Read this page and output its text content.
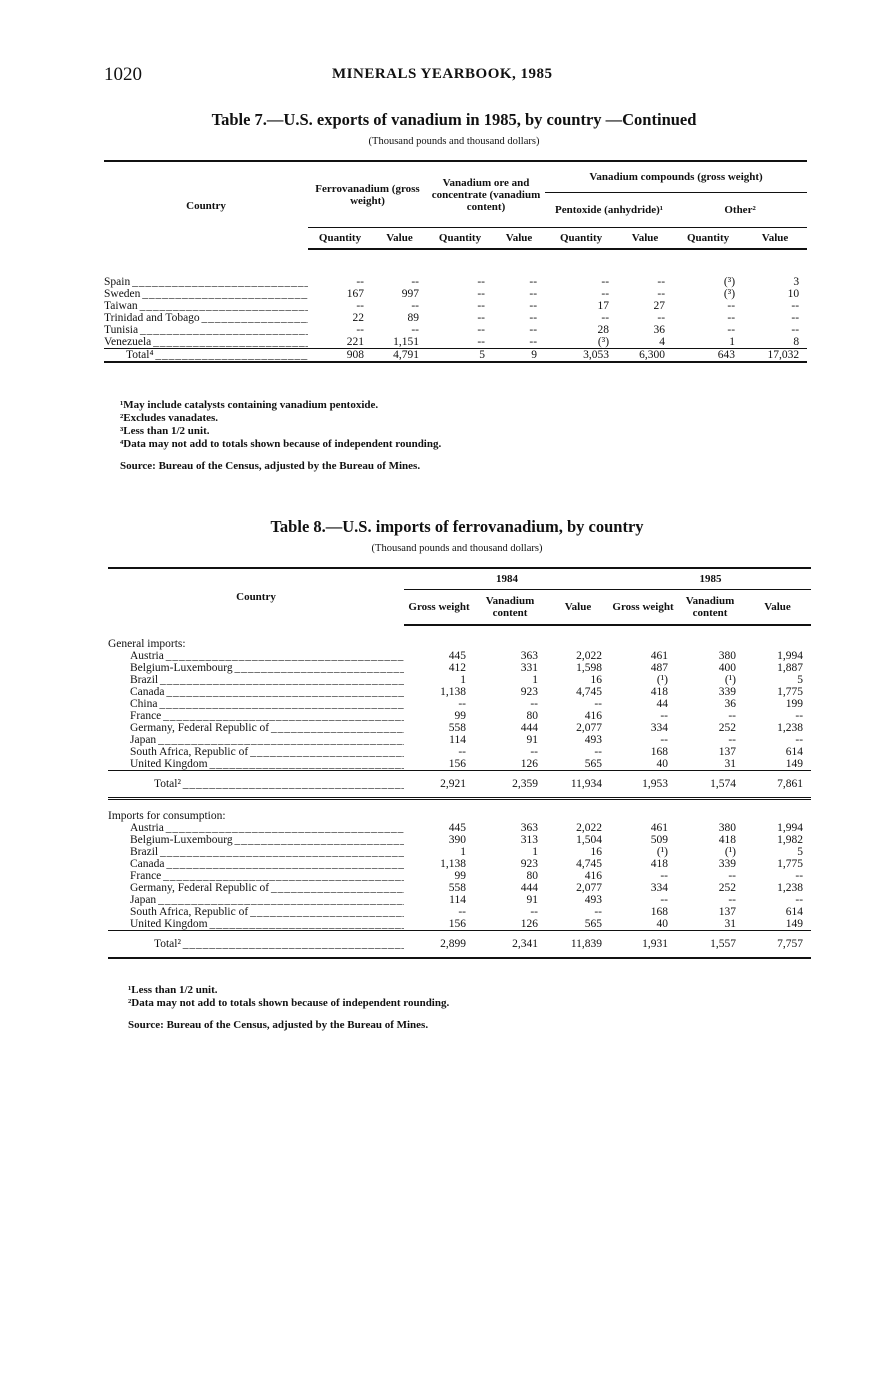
1020	MINERALS YEARBOOK, 1985
Table 7.—U.S. exports of vanadium in 1985, by country —Continued
(Thousand pounds and thousand dollars)
Country	Ferrovanadium (gross weight)		Vanadium ore and concentrate (vanadium content)		Vanadium compounds (gross weight)			
					Pentoxide (anhydride)¹		Other²	
	Quantity	Value	Quantity	Value	Quantity	Value	Quantity	Value

Spain _ _ _	--	--	--	--	--	--	(³)	3
Sweden _ _ _	167	997	--	--	--	--	(³)	10
Taiwan _ _ _	--	--	--	--	17	27	--	--
Trinidad and Tobago _ _ _	22	89	--	--	--	--	--	--
Tunisia _ _ _	--	--	--	--	28	36	--	--
Venezuela _ _ _	221	1,151	--	--	(³)	4	1	8
Total⁴ _ _ _	908	4,791	5	9	3,053	6,300	643	17,032

¹May include catalysts containing vanadium pentoxide.

²Excludes vanadates.

³Less than 1/2 unit.

⁴Data may not add to totals shown because of independent rounding.

Source: Bureau of the Census, adjusted by the Bureau of Mines.

Table 8.—U.S. imports of ferrovanadium, by country
(Thousand pounds and thousand dollars)
Country	1984			1985		
	Gross weight	Vanadium content	Value	Gross weight	Vanadium content	Value
General imports:						
Austria _ _ _	445	363	2,022	461	380	1,994
Belgium-Luxembourg _ _ _	412	331	1,598	487	400	1,887
Brazil _ _ _	1	1	16	(¹)	(¹)	5
Canada _ _ _	1,138	923	4,745	418	339	1,775
China _ _ _	--	--	--	44	36	199
France _ _ _	99	80	416	--	--	--
Germany, Federal Republic of _ _ _	558	444	2,077	334	252	1,238
Japan _ _ _	114	91	493	--	--	--
South Africa, Republic of _ _ _	--	--	--	168	137	614
United Kingdom _ _ _	156	126	565	40	31	149
Total² _ _ _	2,921	2,359	11,934	1,953	1,574	7,861
Imports for consumption:						
Austria _ _ _	445	363	2,022	461	380	1,994
Belgium-Luxembourg _ _ _	390	313	1,504	509	418	1,982
Brazil _ _ _	1	1	16	(¹)	(¹)	5
Canada _ _ _	1,138	923	4,745	418	339	1,775
France _ _ _	99	80	416	--	--	--
Germany, Federal Republic of _ _ _	558	444	2,077	334	252	1,238
Japan _ _ _	114	91	493	--	--	--
South Africa, Republic of _ _ _	--	--	--	168	137	614
United Kingdom _ _ _	156	126	565	40	31	149
Total² _ _ _	2,899	2,341	11,839	1,931	1,557	7,757

¹Less than 1/2 unit.

²Data may not add to totals shown because of independent rounding.

Source: Bureau of the Census, adjusted by the Bureau of Mines.
